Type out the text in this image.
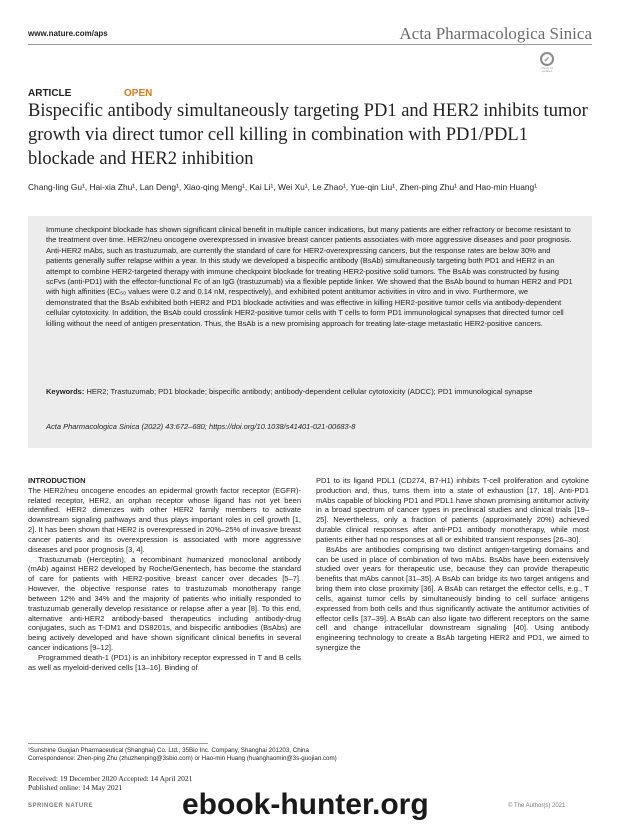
www.nature.com/aps	Acta Pharmacologica Sinica
✓
Check for updates
ARTICLE	OPEN
Bispecific antibody simultaneously targeting PD1 and HER2 inhibits tumor growth via direct tumor cell killing in combination with PD1/PDL1 blockade and HER2 inhibition
Chang-ling Gu¹, Hai-xia Zhu¹, Lan Deng¹, Xiao-qing Meng¹, Kai Li¹, Wei Xu¹, Le Zhao¹, Yue-qin Liu¹, Zhen-ping Zhu¹ and Hao-min Huang¹
Immune checkpoint blockade has shown significant clinical benefit in multiple cancer indications, but many patients are either refractory or become resistant to the treatment over time. HER2/neu oncogene overexpressed in invasive breast cancer patients associates with more aggressive diseases and poor prognosis. Anti-HER2 mAbs, such as trastuzumab, are currently the standard of care for HER2-overexpressing cancers, but the response rates are below 30% and patients generally suffer relapse within a year. In this study we developed a bispecific antibody (BsAb) simultaneously targeting both PD1 and HER2 in an attempt to combine HER2-targeted therapy with immune checkpoint blockade for treating HER2-positive solid tumors. The BsAb was constructed by fusing scFvs (anti-PD1) with the effector-functional Fc of an IgG (trastuzumab) via a flexible peptide linker. We showed that the BsAb bound to human HER2 and PD1 with high affinities (EC₅₀ values were 0.2 and 0.14 nM, respectively), and exhibited potent antitumor activities in vitro and in vivo. Furthermore, we demonstrated that the BsAb exhibited both HER2 and PD1 blockade activities and was effective in killing HER2-positive tumor cells via antibody-dependent cellular cytotoxicity. In addition, the BsAb could crosslink HER2-positive tumor cells with T cells to form PD1 immunological synapses that directed tumor cell killing without the need of antigen presentation. Thus, the BsAb is a new promising approach for treating late-stage metastatic HER2-positive cancers.
Keywords: HER2; Trastuzumab; PD1 blockade; bispecific antibody; antibody-dependent cellular cytotoxicity (ADCC); PD1 immunological synapse
Acta Pharmacologica Sinica (2022) 43:672–680; https://doi.org/10.1038/s41401-021-00683-8

INTRODUCTION

The HER2/neu oncogene encodes an epidermal growth factor receptor (EGFR)-related receptor, HER2, an orphan receptor whose ligand has not yet been identified. HER2 dimerizes with other HER2 family members to activate downstream signaling pathways and thus plays important roles in cell growth [1, 2]. It has been shown that HER2 is overexpressed in 20%–25% of invasive breast cancer patients and its overexpression is associated with more aggressive diseases and poor prognosis [3, 4].

Trastuzumab (Herceptin), a recombinant humanized monoclonal antibody (mAb) against HER2 developed by Roche/Genentech, has become the standard of care for patients with HER2-positive breast cancer over decades [5–7]. However, the objective response rates to trastuzumab monotherapy range between 12% and 34% and the majority of patients who initially responded to trastuzumab generally develop resistance or relapse after a year [8]. To this end, alternative anti-HER2 antibody-based therapeutics including antibody-drug conjugates, such as T-DM1 and DS8201s, and bispecific antibodies (BsAbs) are being actively developed and have shown significant clinical benefits in several cancer indications [9–12].

Programmed death-1 (PD1) is an inhibitory receptor expressed in T and B cells as well as myeloid-derived cells [13–16]. Binding of

PD1 to its ligand PDL1 (CD274, B7-H1) inhibits T-cell proliferation and cytokine production and, thus, turns them into a state of exhaustion [17, 18]. Anti-PD1 mAbs capable of blocking PD1 and PDL1 have shown promising antitumor activity in a broad spectrum of cancer types in preclinical studies and clinical trials [19–25]. Nevertheless, only a fraction of patients (approximately 20%) achieved durable clinical responses after anti-PD1 antibody monotherapy, while most patients either had no responses at all or exhibited transient responses [26–30].

BsAbs are antibodies comprising two distinct antigen-targeting domains and can be used in place of combination of two mAbs. BsAbs have been extensively studied over years for therapeutic use, because they can provide therapeutic benefits that mAbs cannot [31–35]. A BsAb can bridge its two target antigens and bring them into close proximity [36]. A BsAb can retarget the effector cells, e.g., T cells, against tumor cells by simultaneously binding to cell surface antigens expressed from both cells and thus significantly activate the antitumor activities of effector cells [37–39]. A BsAb can also ligate two different receptors on the same cell and change intracellular downstream signaling [40]. Using antibody engineering technology to create a BsAb targeting HER2 and PD1, we aimed to synergize the

¹Sunshine Guojian Pharmaceutical (Shanghai) Co. Ltd., 35Bio Inc. Company, Shanghai 201203, China
Correspondence: Zhen-ping Zhu (zhuzhenping@3sbio.com) or Hao-min Huang (huanghaomin@3s-guojian.com)
Received: 19 December 2020 Accepted: 14 April 2021
Published online: 14 May 2021
SPRINGER NATURE	© The Author(s) 2021
ebook-hunter.org
